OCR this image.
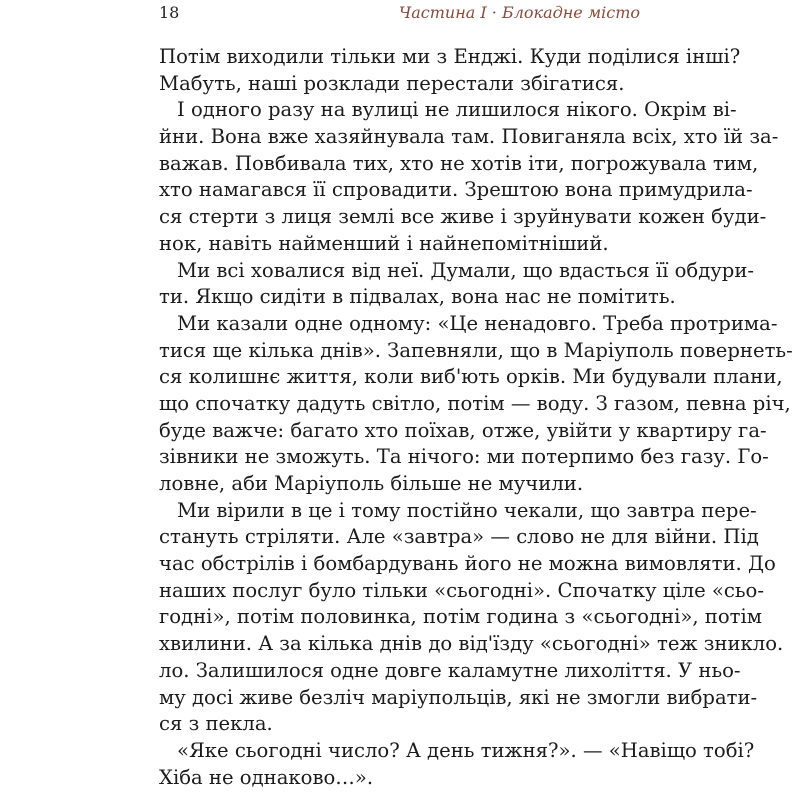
18	Частина І · Блокадне місто
Потім виходили тільки ми з Енджі. Куди поділися інші?
Мабуть, наші розклади перестали збігатися.
І одного разу на вулиці не лишилося нікого. Окрім ві-
йни. Вона вже хазяйнувала там. Повиганяла всіх, хто їй за-
важав. Повбивала тих, хто не хотів іти, погрожувала тим,
хто намагався її спровадити. Зрештою вона примудрила-
ся стерти з лиця землі все живе і зруйнувати кожен буди-
нок, навіть найменший і найнепомітніший.
Ми всі ховалися від неї. Думали, що вдасться її обдури-
ти. Якщо сидіти в підвалах, вона нас не помітить.
Ми казали одне одному: «Це ненадовго. Треба протрима-
тися ще кілька днів». Запевняли, що в Маріуполь повернеть-
ся колишнє життя, коли виб'ють орків. Ми будували плани,
що спочатку дадуть світло, потім — воду. З газом, певна річ,
буде важче: багато хто поїхав, отже, увійти у квартиру га-
зівники не зможуть. Та нічого: ми потерпимо без газу. Го-
ловне, аби Маріуполь більше не мучили.
Ми вірили в це і тому постійно чекали, що завтра пере-
стануть стріляти. Але «завтра» — слово не для війни. Під
час обстрілів і бомбардувань його не можна вимовляти. До
наших послуг було тільки «сьогодні». Спочатку ціле «сьо-
годні», потім половинка, потім година з «сьогодні», потім
хвилини. А за кілька днів до від'їзду «сьогодні» теж зникло.
ло. Залишилося одне довге каламутне лихоліття. У ньо-
му досі живе безліч маріупольців, які не змогли вибрати-
ся з пекла.
«Яке сьогодні число? А день тижня?». — «Навіщо тобі?
Хіба не однаково…».
